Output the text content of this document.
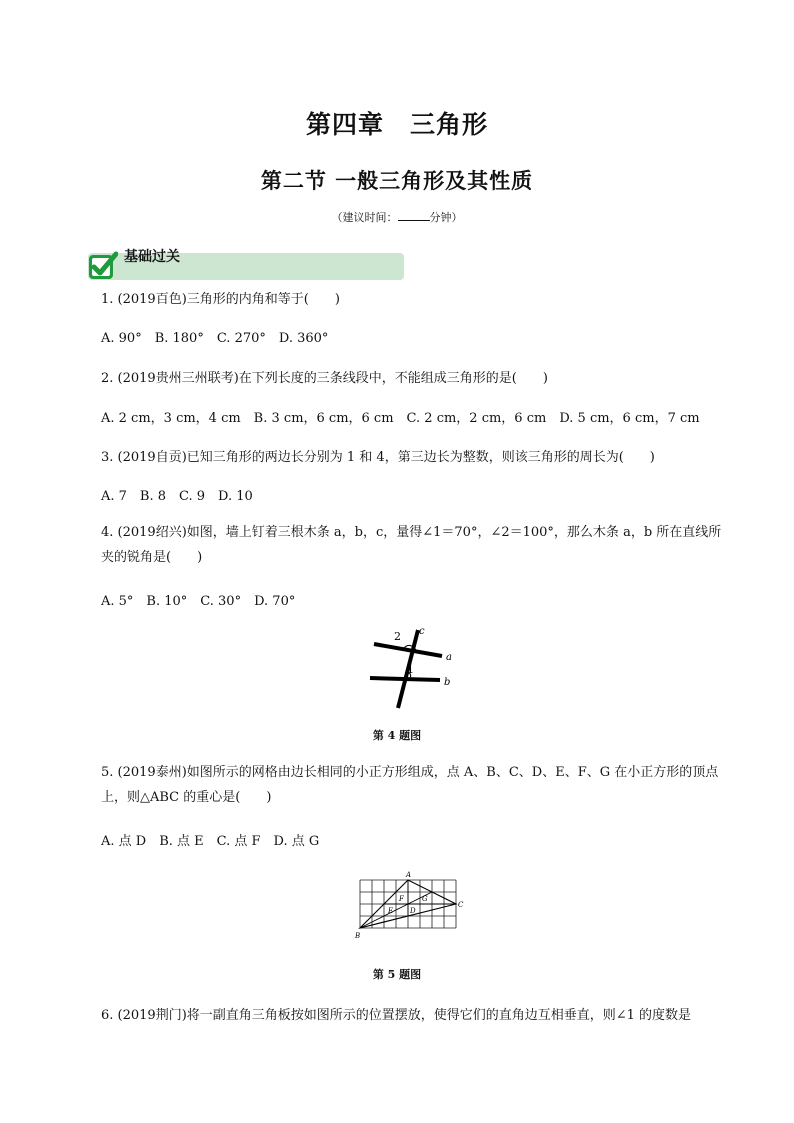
第四章　三角形
第二节 一般三角形及其性质
（建议时间：	分钟）
基础过关
1. (2019百色)三角形的内角和等于(　　)
A. 90°　B. 180°　C. 270°　D. 360°
2. (2019贵州三州联考)在下列长度的三条线段中，不能组成三角形的是(　　)
A. 2 cm，3 cm，4 cm　B. 3 cm，6 cm，6 cm　C. 2 cm，2 cm，6 cm　D. 5 cm，6 cm，7 cm
3. (2019自贡)已知三角形的两边长分别为 1 和 4，第三边长为整数，则该三角形的周长为(　　)
A. 7　B. 8　C. 9　D. 10
4. (2019绍兴)如图，墙上钉着三根木条 a，b，c，量得∠1＝70°，∠2＝100°，那么木条 a，b 所在直线所夹的锐角是(　　)
A. 5°　B. 10°　C. 30°　D. 70°
2
1
c
a
b
第 4 题图
5. (2019泰州)如图所示的网格由边长相同的小正方形组成，点 A、B、C、D、E、F、G 在小正方形的顶点上，则△ABC 的重心是(　　)
A. 点 D　B. 点 E　C. 点 F　D. 点 G
A
B
C
D
E
F	G
第 5 题图
6. (2019荆门)将一副直角三角板按如图所示的位置摆放，使得它们的直角边互相垂直，则∠1 的度数是
